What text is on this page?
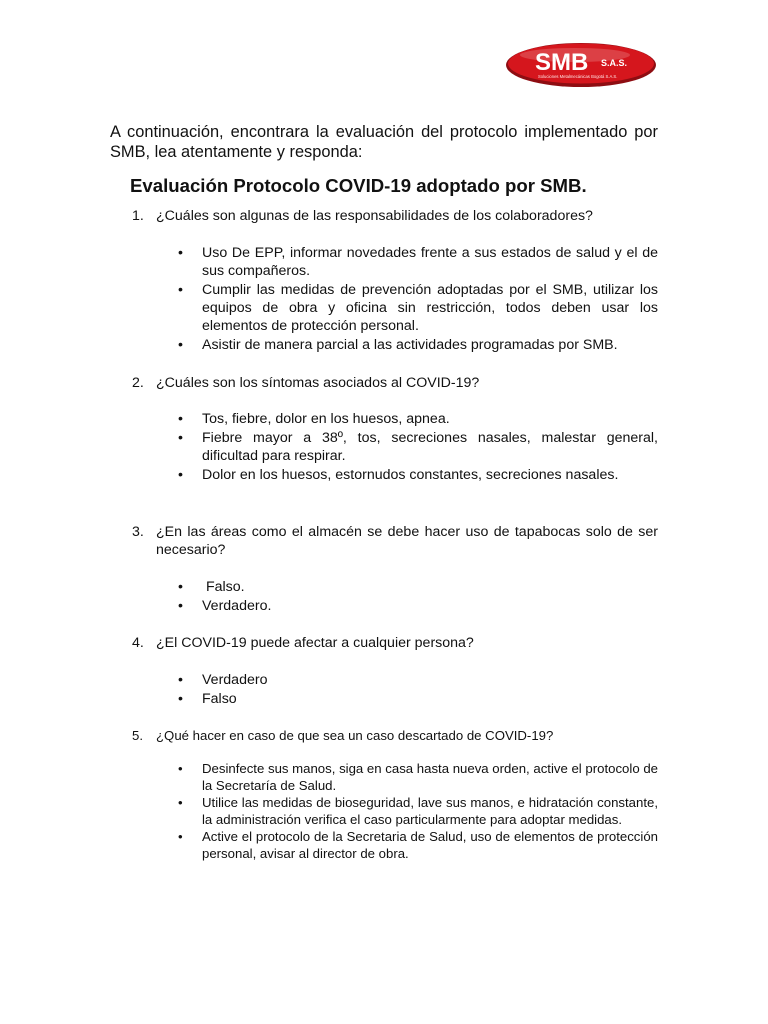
SMB S.A.S.
Soluciones Metalmecánicas Bogotá S.A.S.
A continuación, encontrara la evaluación del protocolo implementado por SMB, lea atentamente y responda:
Evaluación Protocolo COVID-19 adoptado por SMB.
1. ¿Cuáles son algunas de las responsabilidades de los colaboradores?
• Uso De EPP, informar novedades frente a sus estados de salud y el de sus compañeros.
• Cumplir las medidas de prevención adoptadas por el SMB, utilizar los equipos de obra y oficina sin restricción, todos deben usar los elementos de protección personal.
• Asistir de manera parcial a las actividades programadas por SMB.
2. ¿Cuáles son los síntomas asociados al COVID-19?
• Tos, fiebre, dolor en los huesos, apnea.
• Fiebre mayor a 38º, tos, secreciones nasales, malestar general, dificultad para respirar.
• Dolor en los huesos, estornudos constantes, secreciones nasales.
3. ¿En las áreas como el almacén se debe hacer uso de tapabocas solo de ser necesario?
•  Falso.
• Verdadero.
4. ¿El COVID-19 puede afectar a cualquier persona?
• Verdadero
• Falso
5. ¿Qué hacer en caso de que sea un caso descartado de COVID-19?
• Desinfecte sus manos, siga en casa hasta nueva orden, active el protocolo de la Secretaría de Salud.
• Utilice las medidas de bioseguridad, lave sus manos, e hidratación constante, la administración verifica el caso particularmente para adoptar medidas.
• Active el protocolo de la Secretaria de Salud, uso de elementos de protección personal, avisar al director de obra.
